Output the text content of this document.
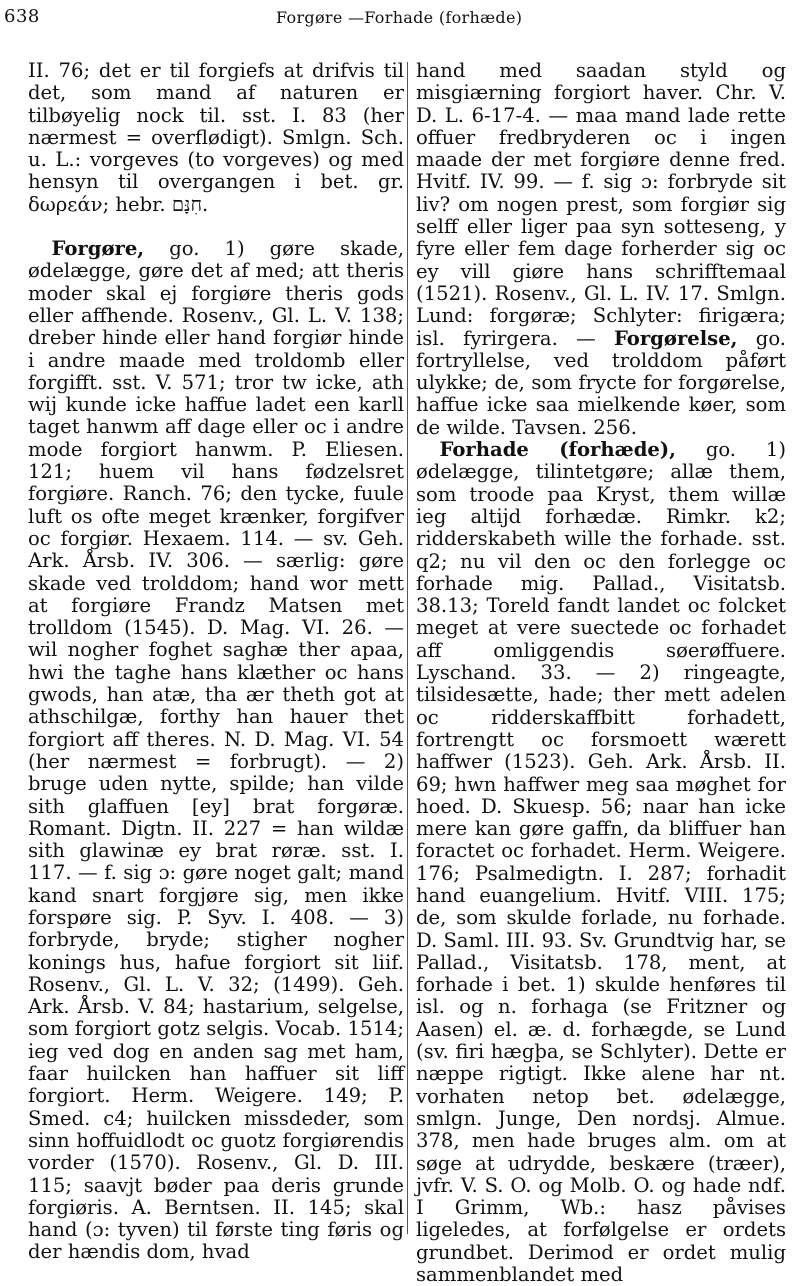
638	Forgøre —Forhade (forhæde)

II. 76; det er til forgiefs at drifvis til det, som mand af naturen er tilbøyelig nock til. sst. I. 83 (her nærmest = overflødigt). Smlgn. Sch. u. L.: vorgeves (to vorgeves) og med hensyn til overgangen i bet. gr. δωρεάν; hebr. חִנָּם.

Forgøre, go. 1) gøre skade, ødelægge, gøre det af med; att theris moder skal ej forgiøre theris gods eller affhende. Rosenv., Gl. L. V. 138; dreber hinde eller hand forgiør hinde i andre maade med troldomb eller forgifft. sst. V. 571; tror tw icke, ath wij kunde icke haffue ladet een karll taget hanwm aff dage eller oc i andre mode forgiort hanwm. P. Eliesen. 121; huem vil hans fødzelsret forgiøre. Ranch. 76; den tycke, fuule luft os ofte meget krænker, forgifver oc forgiør. Hexaem. 114. — sv. Geh. Ark. Årsb. IV. 306. — særlig: gøre skade ved trolddom; hand wor mett at forgiøre Frandz Matsen met trolldom (1545). D. Mag. VI. 26. — wil nogher foghet saghæ ther apaa, hwi the taghe hans klæther oc hans gwods, han atæ, tha ær theth got at athschilgæ, forthy han hauer thet forgiort aff theres. N. D. Mag. VI. 54 (her nærmest = forbrugt). — 2) bruge uden nytte, spilde; han vilde sith glaffuen [ey] brat forgøræ. Romant. Digtn. II. 227 = han wildæ sith glawinæ ey brat røræ. sst. I. 117. — f. sig ɔ: gøre noget galt; mand kand snart forgjøre sig, men ikke forspøre sig. P. Syv. I. 408. — 3) forbryde, bryde; stigher nogher konings hus, hafue forgiort sit liif. Rosenv., Gl. L. V. 32; (1499). Geh. Ark. Årsb. V. 84; hastarium, selgelse, som forgiort gotz selgis. Vocab. 1514; ieg ved dog en anden sag met ham, faar huilcken han haffuer sit liff forgiort. Herm. Weigere. 149; P. Smed. c4; huilcken missdeder, som sinn hoffuidlodt oc guotz forgiørendis vorder (1570). Rosenv., Gl. D. III. 115; saavjt bøder paa deris grunde forgiøris. A. Berntsen. II. 145; skal hand (ɔ: tyven) til første ting føris og der hændis dom, hvad

hand med saadan styld og misgiærning forgiort haver. Chr. V. D. L. 6-17-4. — maa mand lade rette offuer fredbryderen oc i ingen maade der met forgiøre denne fred. Hvitf. IV. 99. — f. sig ɔ: forbryde sit liv? om nogen prest, som forgiør sig selff eller liger paa syn sotteseng, y fyre eller fem dage forherder sig oc ey vill giøre hans schrifftemaal (1521). Rosenv., Gl. L. IV. 17. Smlgn. Lund: forgøræ; Schlyter: firigæra; isl. fyrirgera. — Forgørelse, go. fortryllelse, ved trolddom påført ulykke; de, som frycte for forgørelse, haffue icke saa mielkende køer, som de wilde. Tavsen. 256.

Forhade (forhæde), go. 1) ødelægge, tilintetgøre; allæ them, som troode paa Kryst, them willæ ieg altijd forhædæ. Rimkr. k2; ridderskabeth wille the forhade. sst. q2; nu vil den oc den forlegge oc forhade mig. Pallad., Visitatsb. 38.13; Toreld fandt landet oc folcket meget at vere suectede oc forhadet aff omliggendis søerøffuere. Lyschand. 33. — 2) ringeagte, tilsidesætte, hade; ther mett adelen oc ridderskaffbitt forhadett, fortrengtt oc forsmoett wærett haffwer (1523). Geh. Ark. Årsb. II. 69; hwn haffwer meg saa møghet for hoed. D. Skuesp. 56; naar han icke mere kan gøre gaffn, da bliffuer han foractet oc forhadet. Herm. Weigere. 176; Psalmedigtn. I. 287; forhadit hand euangelium. Hvitf. VIII. 175; de, som skulde forlade, nu forhade. D. Saml. III. 93. Sv. Grundtvig har, se Pallad., Visitatsb. 178, ment, at forhade i bet. 1) skulde henføres til isl. og n. forhaga (se Fritzner og Aasen) el. æ. d. forhægde, se Lund (sv. firi hægþa, se Schlyter). Dette er næppe rigtigt. Ikke alene har nt. vorhaten netop bet. ødelægge, smlgn. Junge, Den nordsj. Almue. 378, men hade bruges alm. om at søge at udrydde, beskære (træer), jvfr. V. S. O. og Molb. O. og hade ndf. I Grimm, Wb.: hasz påvises ligeledes, at forfølgelse er ordets grundbet. Derimod er ordet mulig sammenblandet med
